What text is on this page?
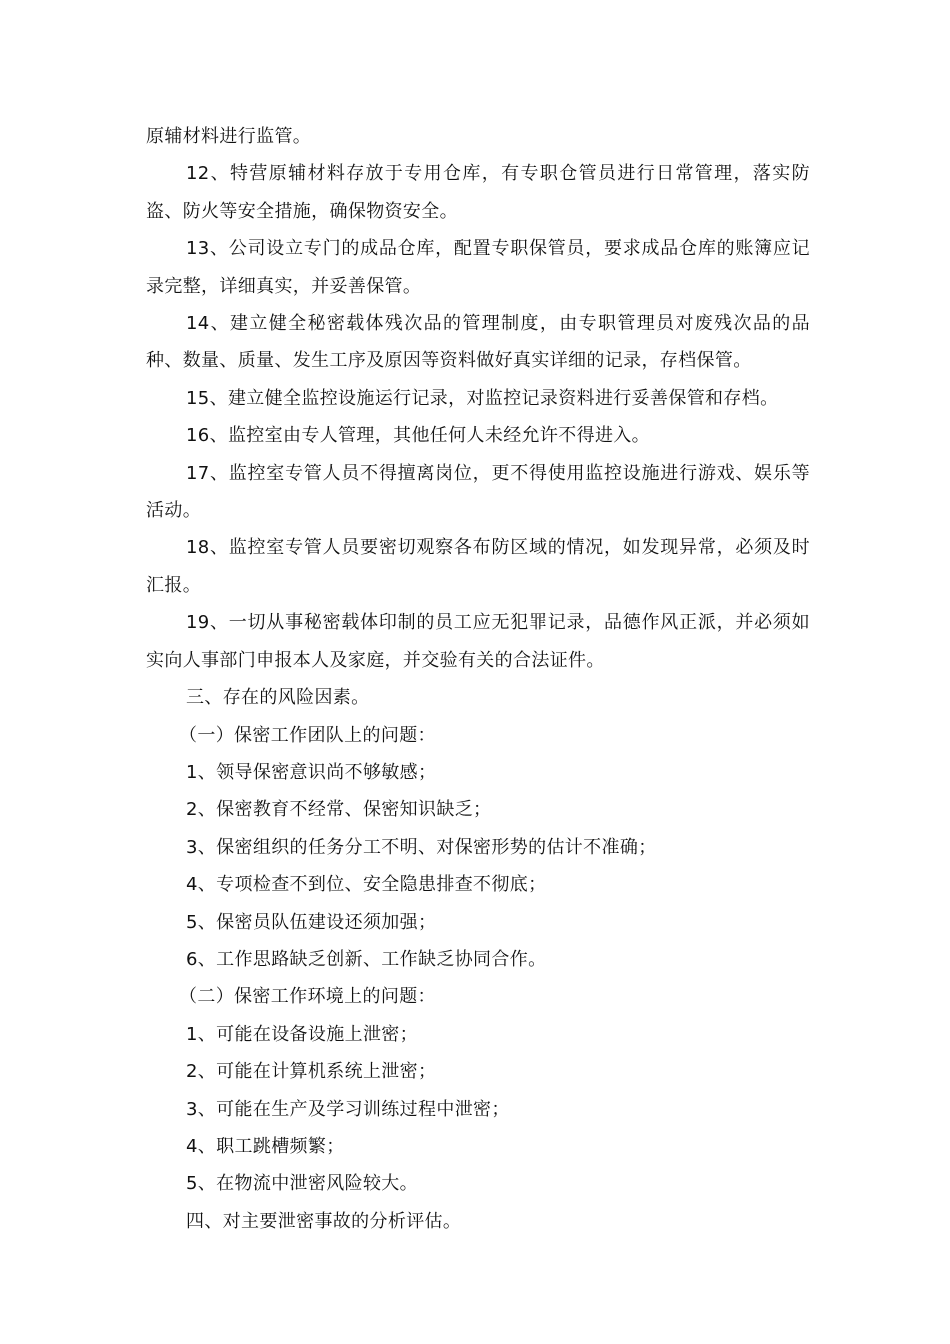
原辅材料进行监管。

12、特营原辅材料存放于专用仓库，有专职仓管员进行日常管理，落实防盗、防火等安全措施，确保物资安全。

13、公司设立专门的成品仓库，配置专职保管员，要求成品仓库的账簿应记录完整，详细真实，并妥善保管。

14、建立健全秘密载体残次品的管理制度，由专职管理员对废残次品的品种、数量、质量、发生工序及原因等资料做好真实详细的记录，存档保管。

15、建立健全监控设施运行记录，对监控记录资料进行妥善保管和存档。

16、监控室由专人管理，其他任何人未经允许不得进入。

17、监控室专管人员不得擅离岗位，更不得使用监控设施进行游戏、娱乐等活动。

18、监控室专管人员要密切观察各布防区域的情况，如发现异常，必须及时汇报。

19、一切从事秘密载体印制的员工应无犯罪记录，品德作风正派，并必须如实向人事部门申报本人及家庭，并交验有关的合法证件。

三、存在的风险因素。

（一）保密工作团队上的问题：

1、领导保密意识尚不够敏感；

2、保密教育不经常、保密知识缺乏；

3、保密组织的任务分工不明、对保密形势的估计不准确；

4、专项检查不到位、安全隐患排查不彻底；

5、保密员队伍建设还须加强；

6、工作思路缺乏创新、工作缺乏协同合作。

（二）保密工作环境上的问题：

1、可能在设备设施上泄密；

2、可能在计算机系统上泄密；

3、可能在生产及学习训练过程中泄密；

4、职工跳槽频繁；

5、在物流中泄密风险较大。

四、对主要泄密事故的分析评估。
